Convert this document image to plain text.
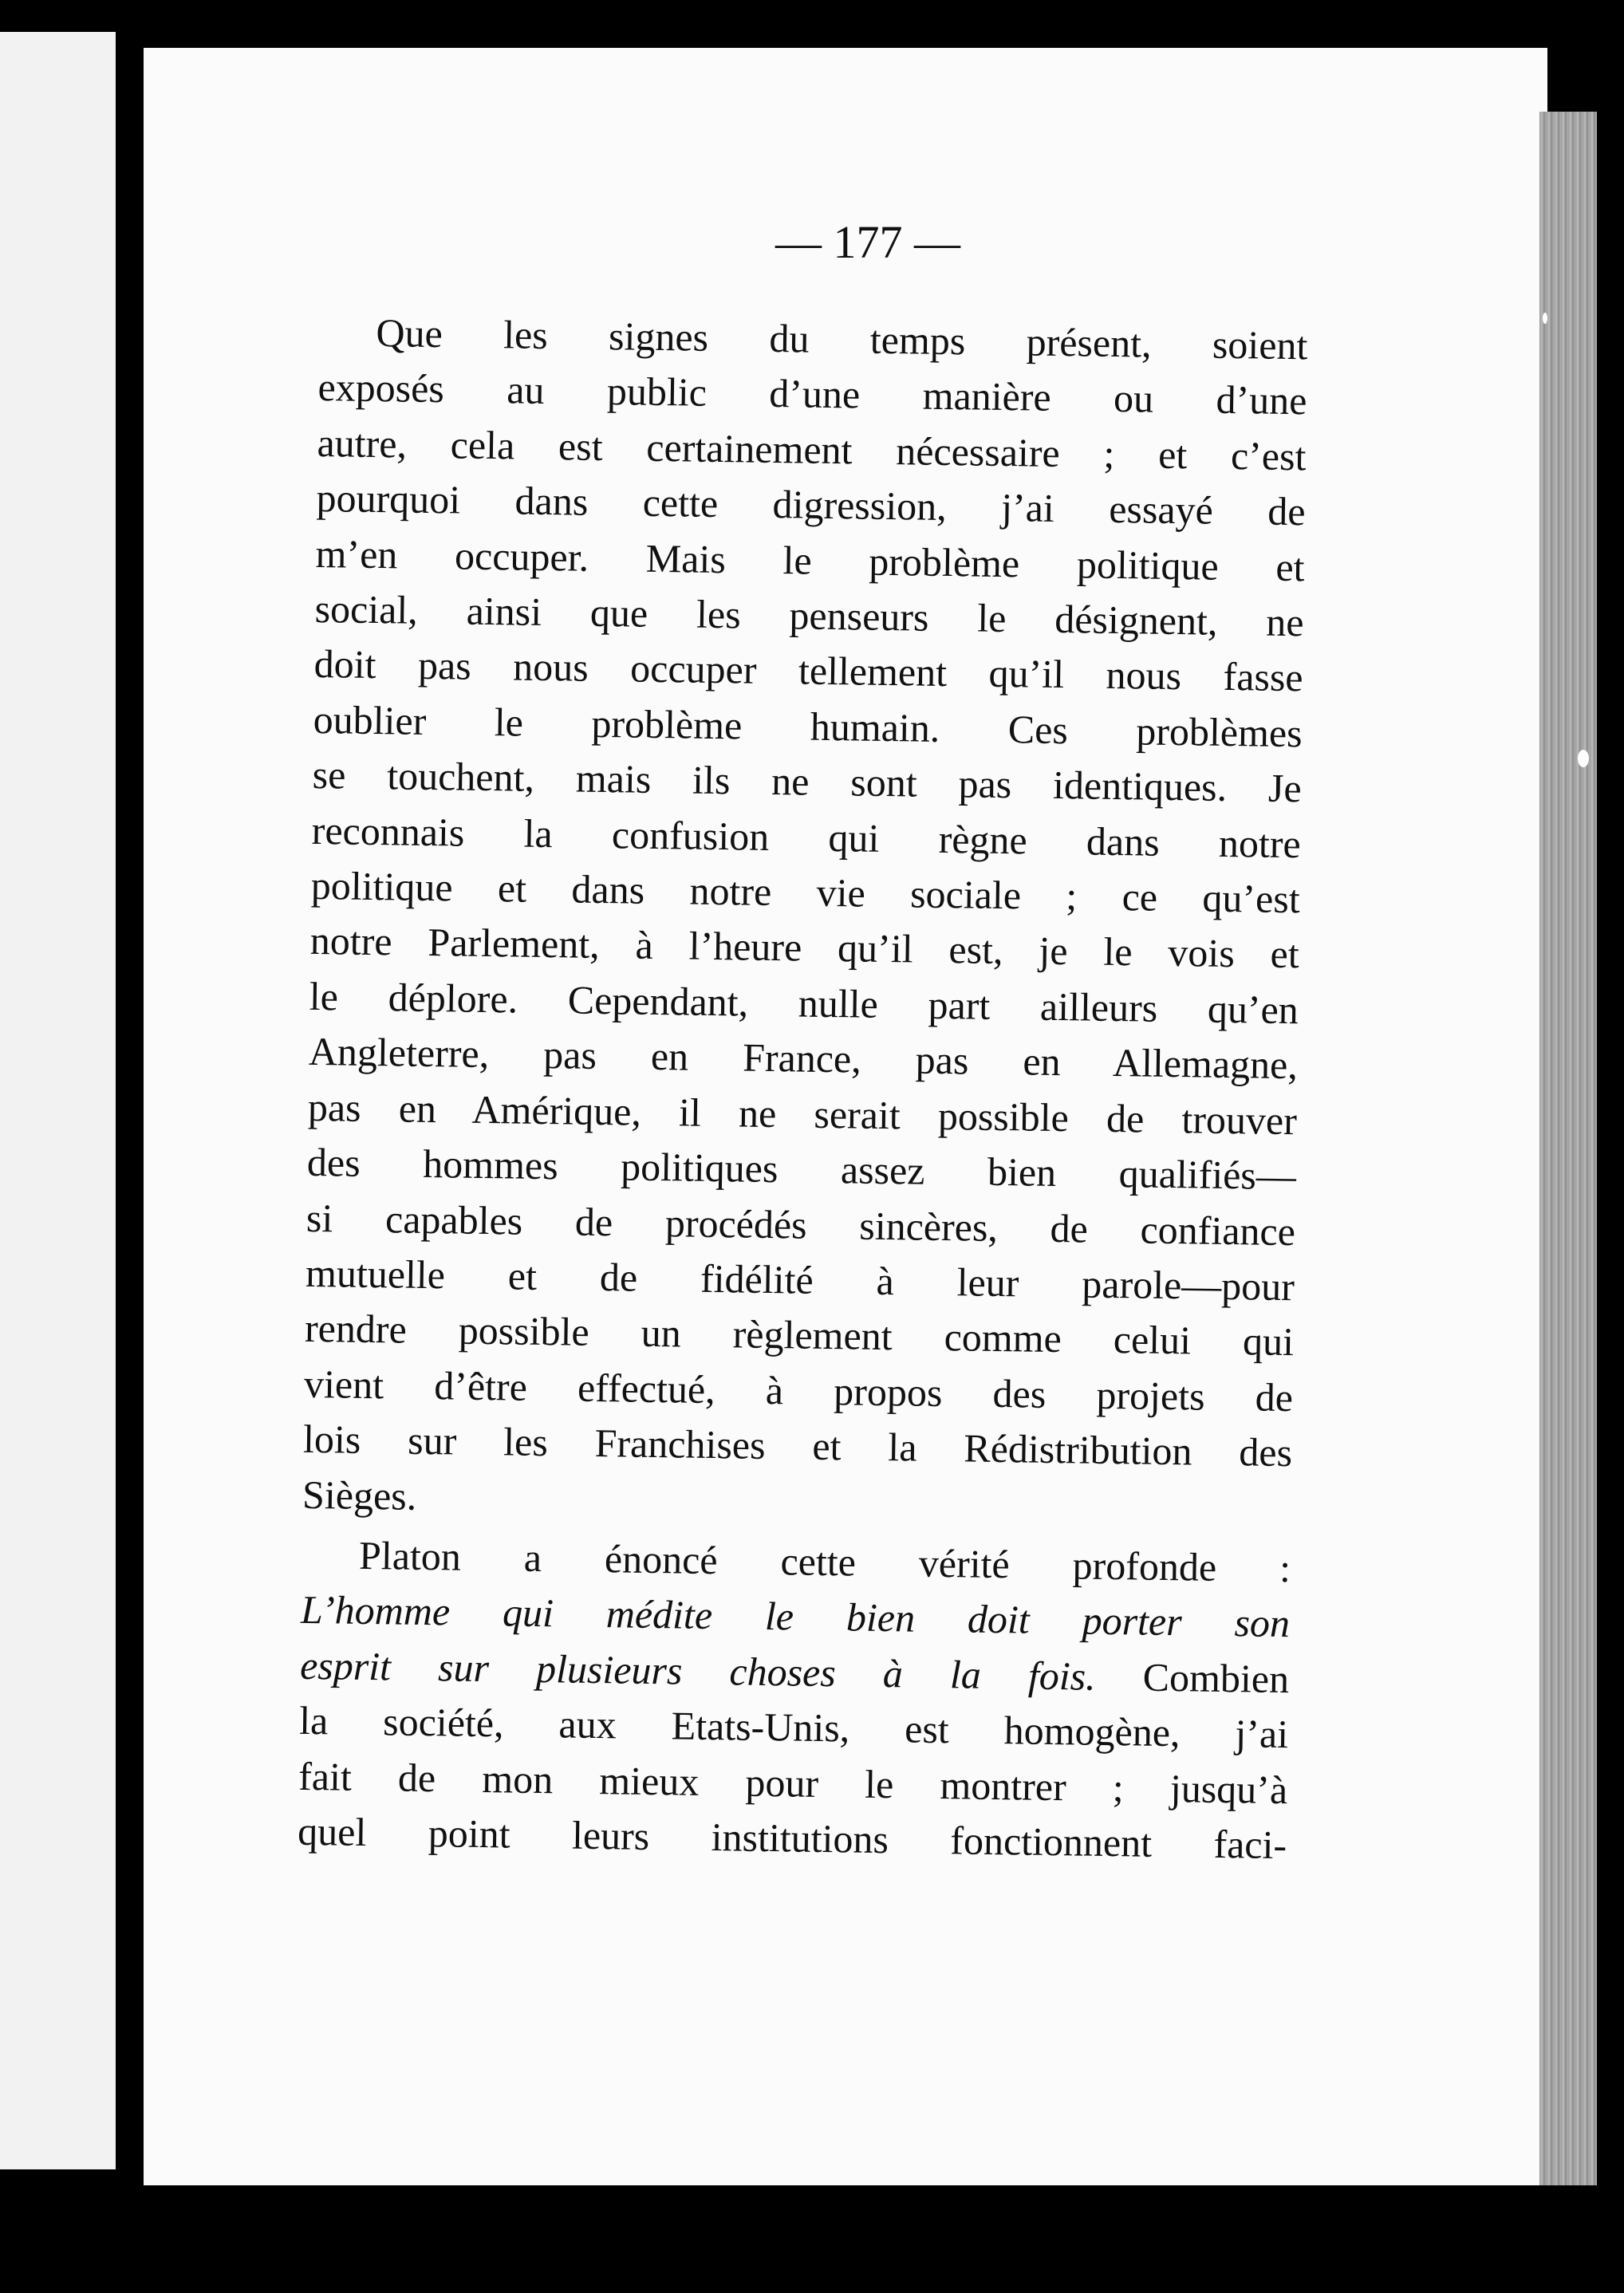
— 177 —

Que les signes du temps présent, soient
exposés au public d’une manière ou d’une
autre, cela est certainement nécessaire ; et c’est
pourquoi dans cette digression, j’ai essayé de
m’en occuper. Mais le problème politique et
social, ainsi que les penseurs le désignent, ne
doit pas nous occuper tellement qu’il nous fasse
oublier le problème humain. Ces problèmes
se touchent, mais ils ne sont pas identiques. Je
reconnais la confusion qui règne dans notre
politique et dans notre vie sociale ; ce qu’est
notre Parlement, à l’heure qu’il est, je le vois et
le déplore. Cependant, nulle part ailleurs qu’en
Angleterre, pas en France, pas en Allemagne,
pas en Amérique, il ne serait possible de trouver
des hommes politiques assez bien qualifiés—
si capables de procédés sincères, de confiance
mutuelle et de fidélité à leur parole—pour
rendre possible un règlement comme celui qui
vient d’être effectué, à propos des projets de
lois sur les Franchises et la Rédistribution des
Sièges.

Platon a énoncé cette vérité profonde :
L’homme qui médite le bien doit porter son
esprit sur plusieurs choses à la fois. Combien
la société, aux Etats-Unis, est homogène, j’ai
fait de mon mieux pour le montrer ; jusqu’à
quel point leurs institutions fonctionnent faci-
